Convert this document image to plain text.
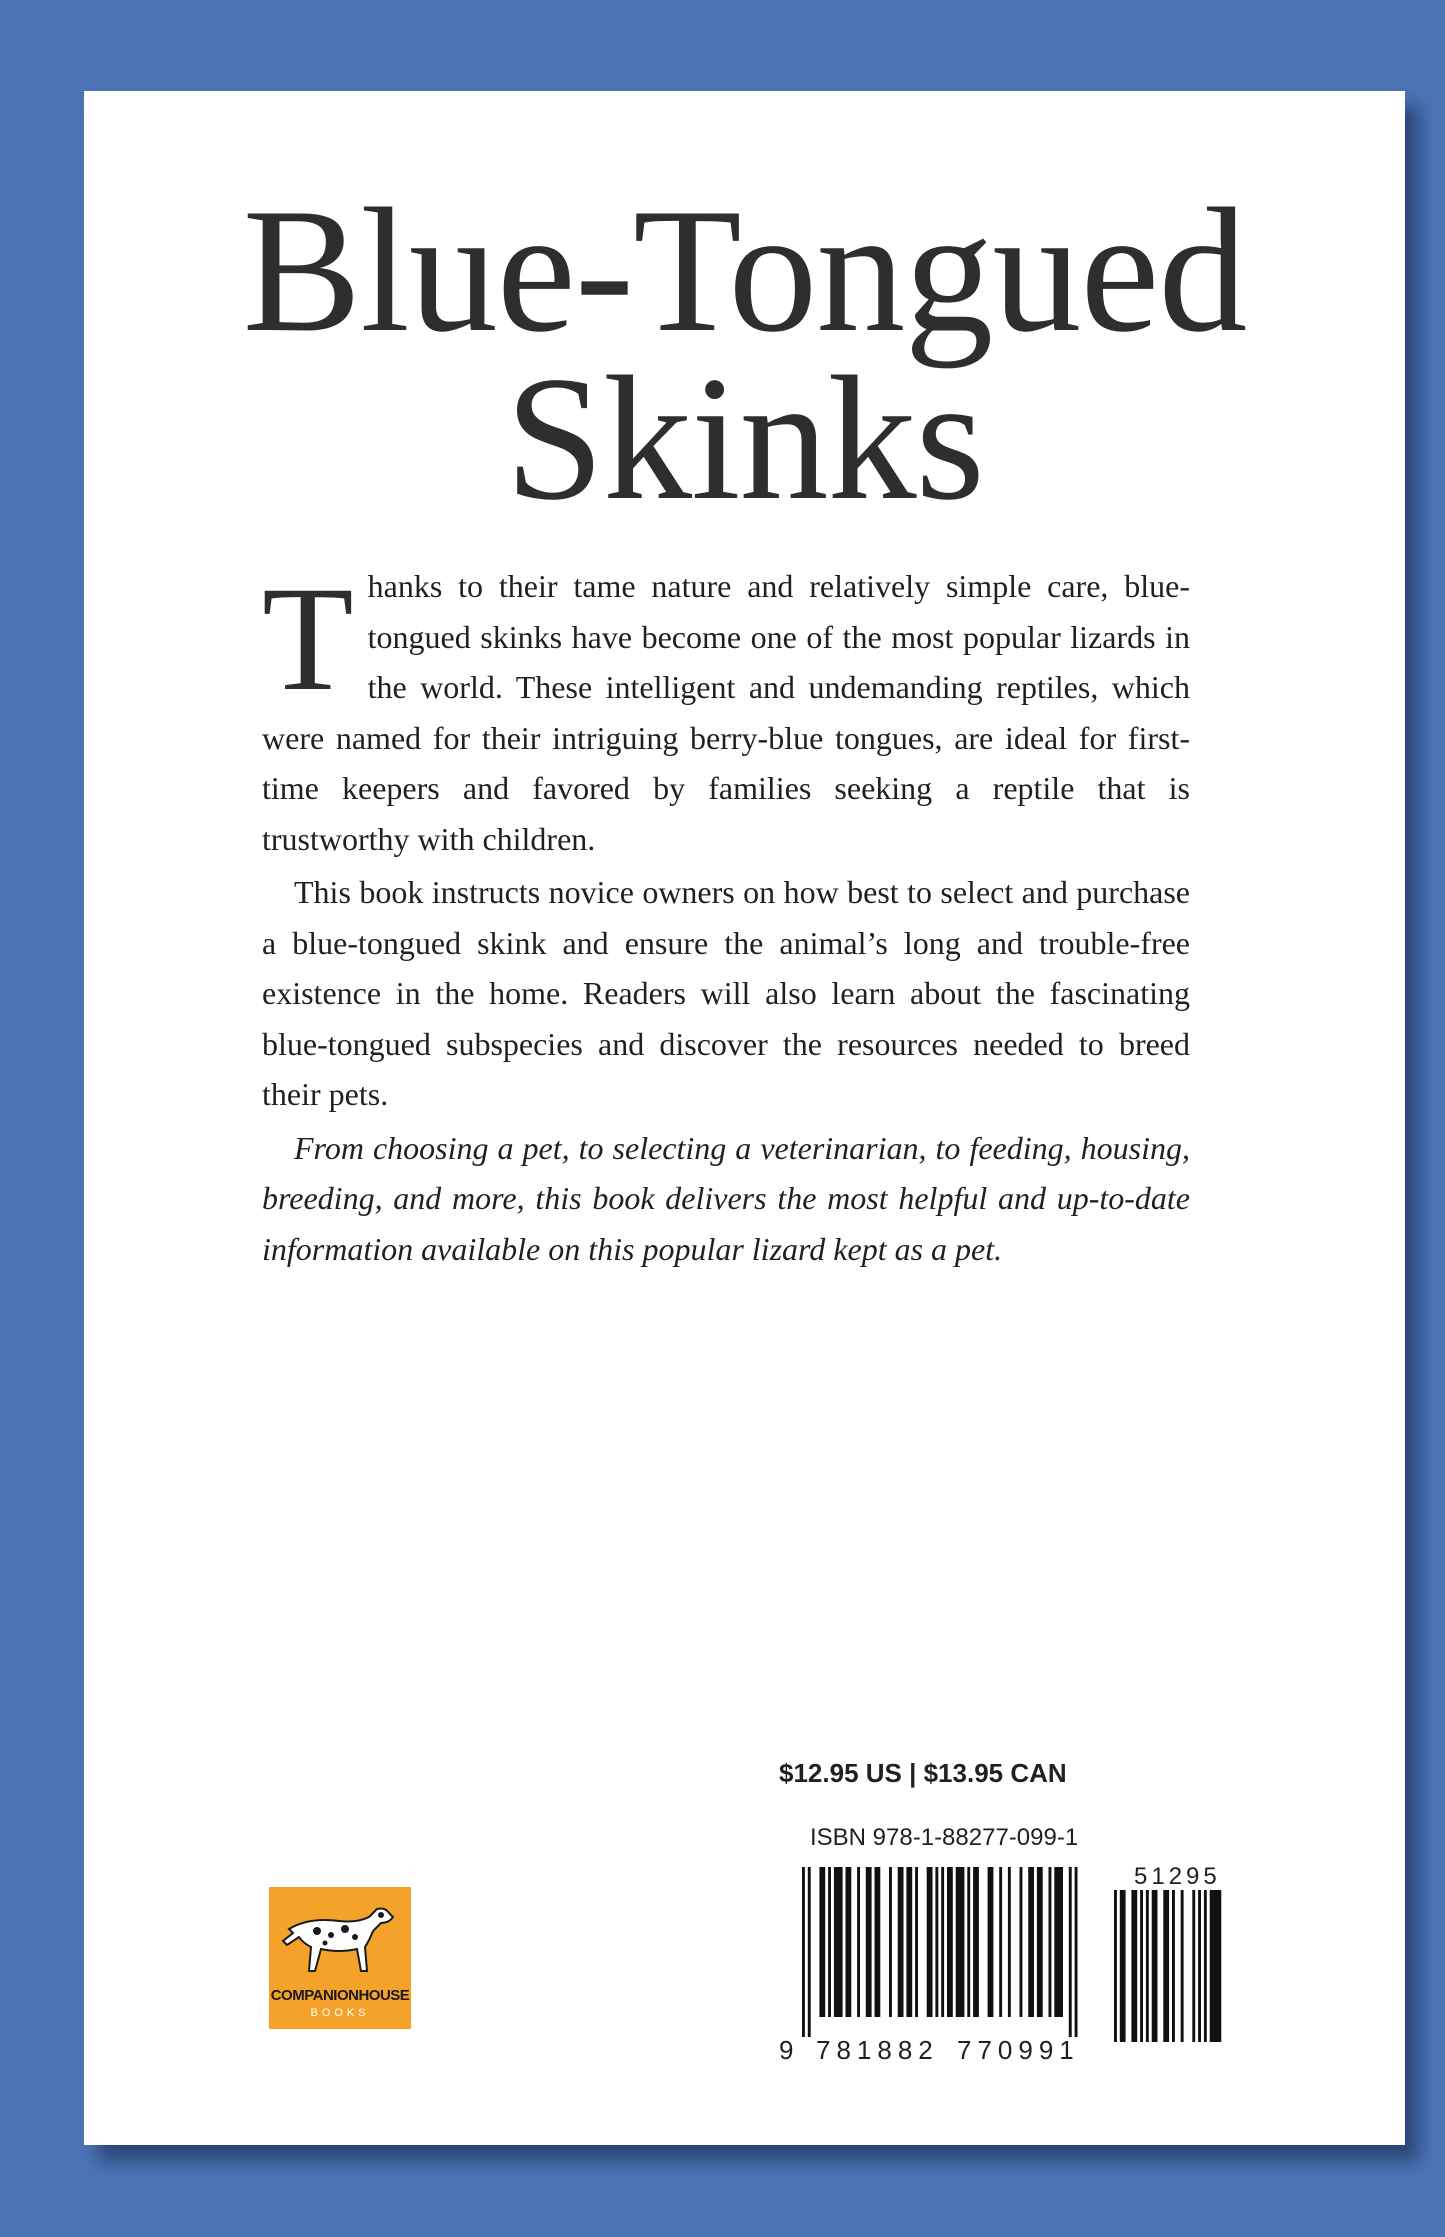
Blue-Tongued
Skinks

Thanks to their tame nature and relatively simple care, blue-tongued skinks have become one of the most popular lizards in the world. These intelligent and undemanding reptiles, which were named for their intriguing berry-blue tongues, are ideal for first-time keepers and favored by families seeking a reptile that is trustworthy with children.

This book instructs novice owners on how best to select and purchase a blue-tongued skink and ensure the animal’s long and trouble-free existence in the home. Readers will also learn about the fascinating blue-tongued subspecies and discover the resources needed to breed their pets.

From choosing a pet, to selecting a veterinarian, to feeding, housing, breeding, and more, this book delivers the most helpful and up-to-date information available on this popular lizard kept as a pet.

$12.95 US | $13.95 CAN
ISBN 978-1-88277-099-1
51295
9 781882 770991
COMPANIONHOUSE
BOOKS
